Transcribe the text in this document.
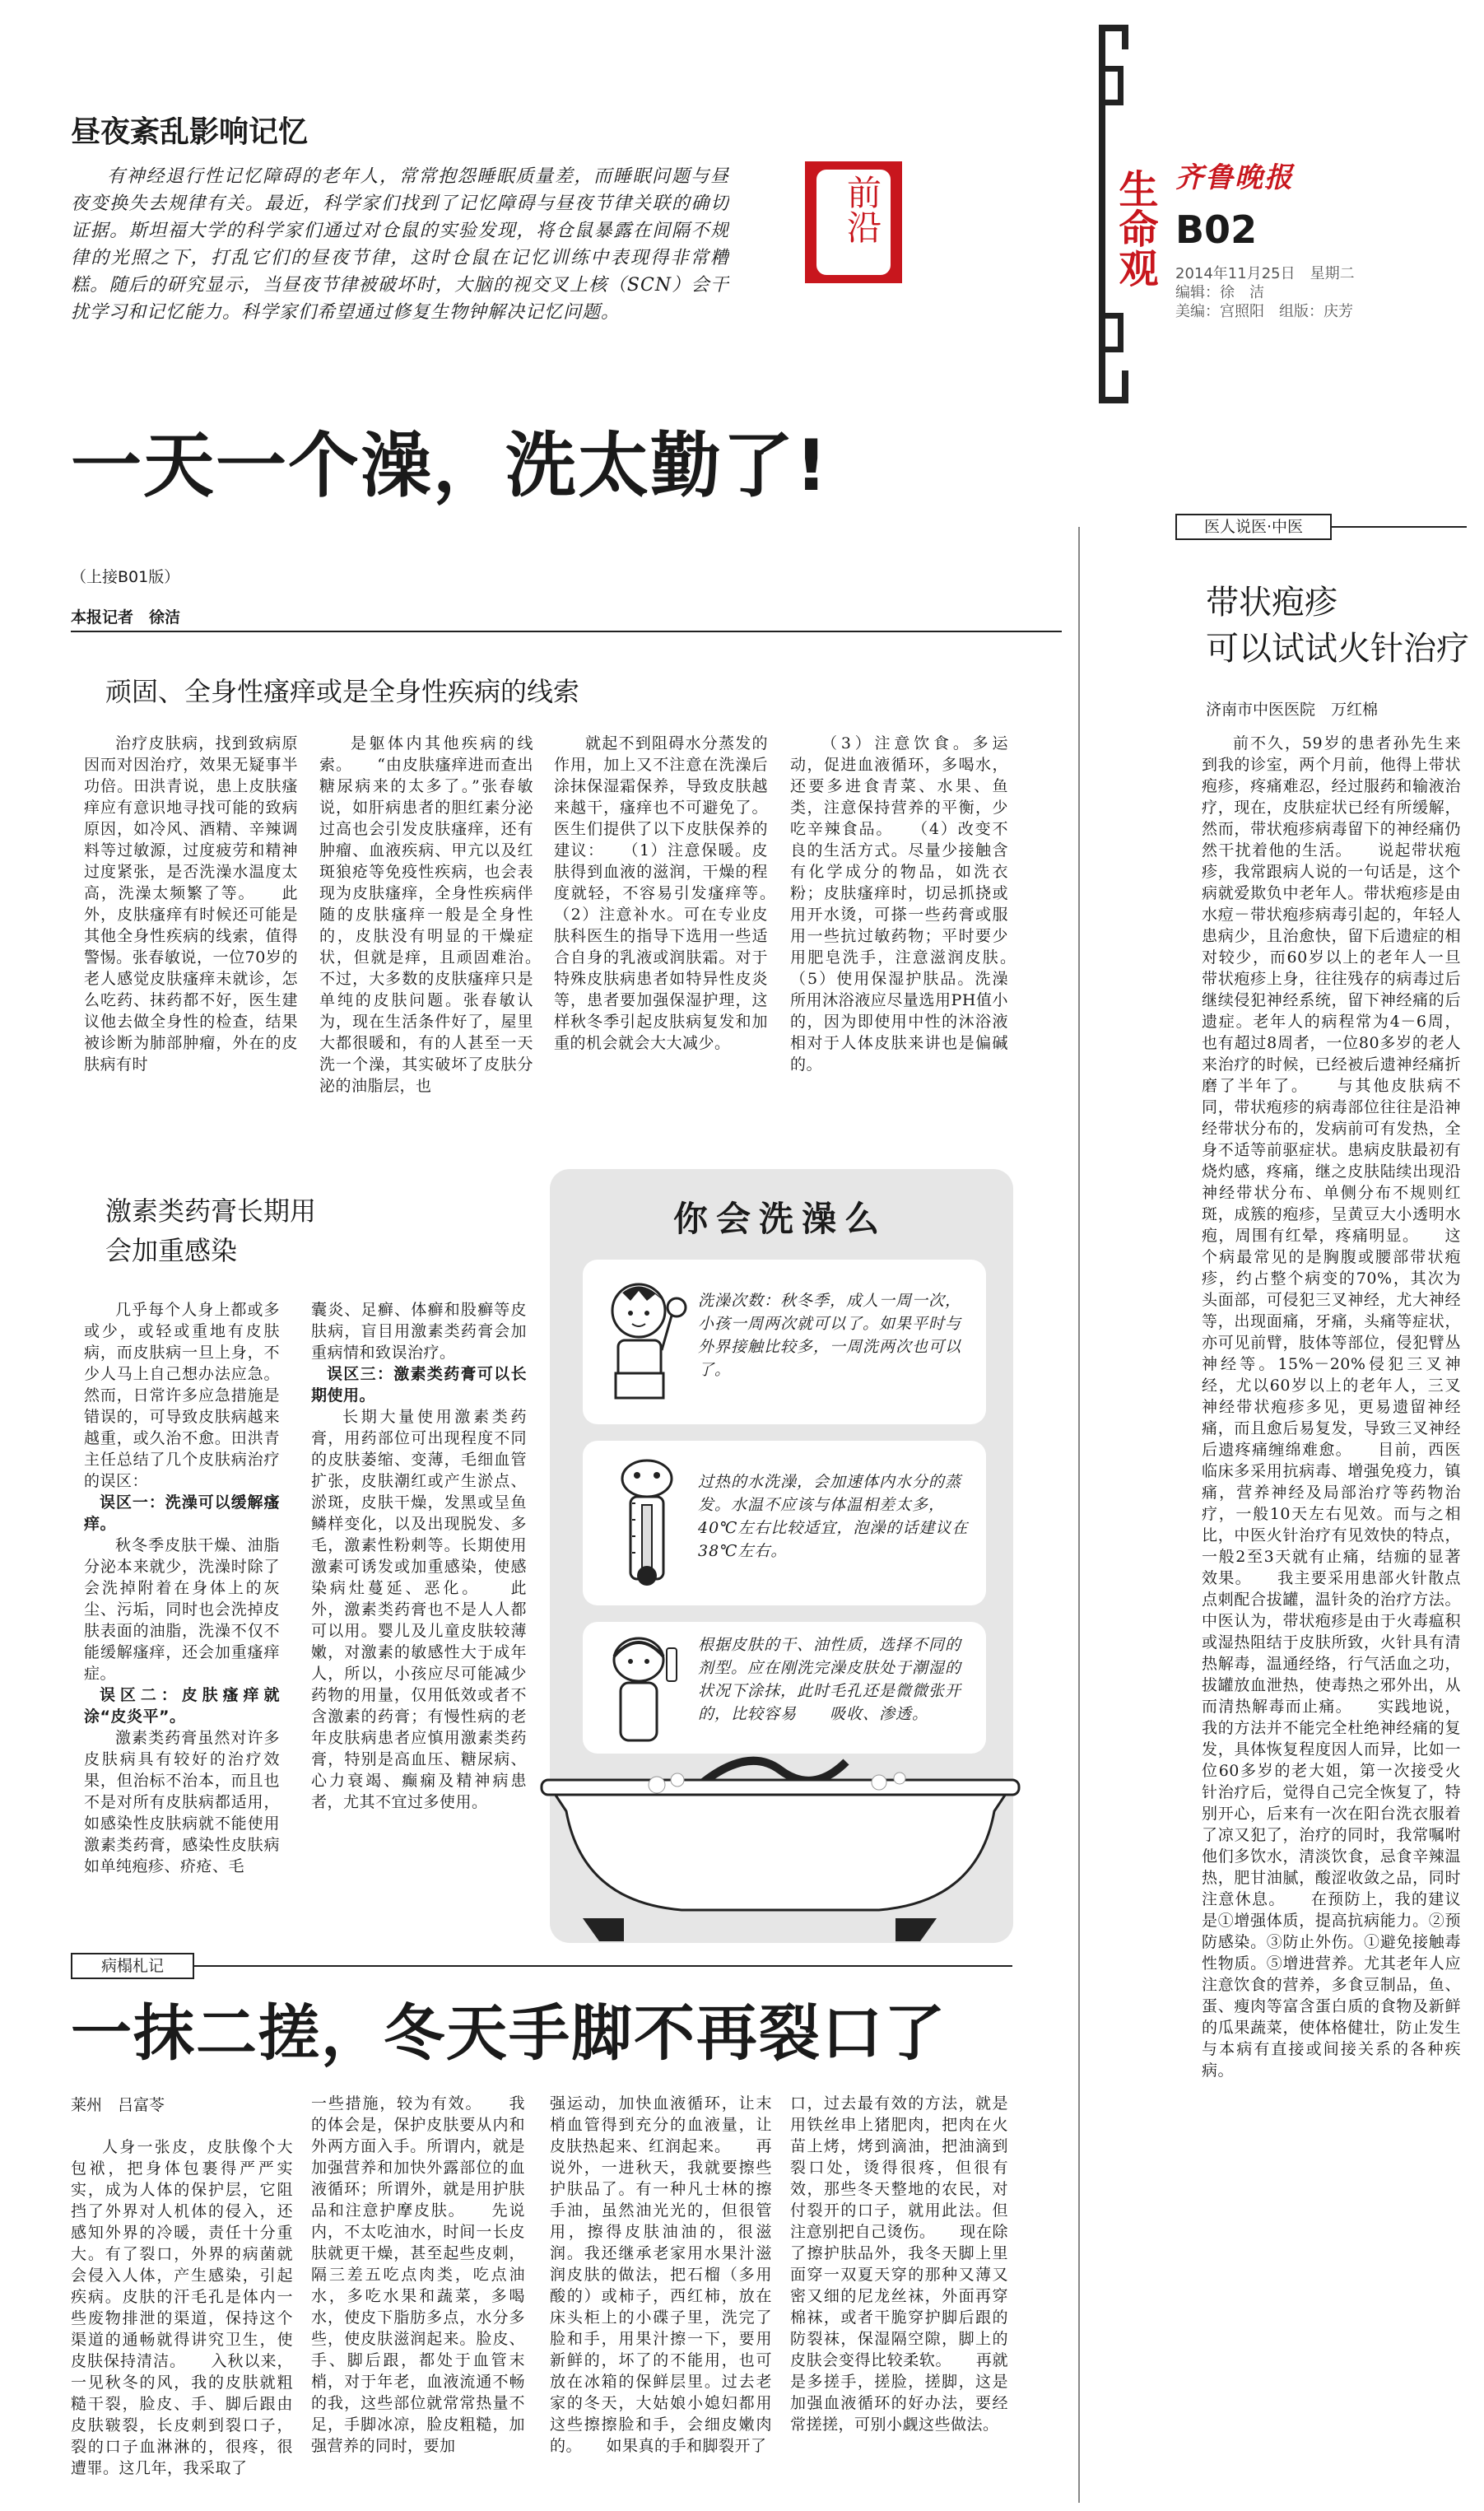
昼夜紊乱影响记忆
有神经退行性记忆障碍的老年人，常常抱怨睡眠质量差，而睡眠问题与昼夜变换失去规律有关。最近，科学家们找到了记忆障碍与昼夜节律关联的确切证据。斯坦福大学的科学家们通过对仓鼠的实验发现，将仓鼠暴露在间隔不规律的光照之下，打乱它们的昼夜节律，这时仓鼠在记忆训练中表现得非常糟糕。随后的研究显示，当昼夜节律被破坏时，大脑的视交叉上核（SCN）会干扰学习和记忆能力。科学家们希望通过修复生物钟解决记忆问题。
前沿	生命观 齐鲁晚报
B02
2014年11月25日　星期二
编辑：徐　洁
美编：宫照阳　组版：庆芳
一天一个澡，洗太勤了!
（上接B01版）
本报记者　徐洁
顽固、全身性瘙痒或是全身性疾病的线索

治疗皮肤病，找到致病原因而对因治疗，效果无疑事半功倍。田洪青说，患上皮肤瘙痒应有意识地寻找可能的致病原因，如冷风、酒精、辛辣调料等过敏源，过度疲劳和精神过度紧张，是否洗澡水温度太高，洗澡太频繁了等。　　此外，皮肤瘙痒有时候还可能是其他全身性疾病的线索，值得警惕。张春敏说，一位70岁的老人感觉皮肤瘙痒未就诊，怎么吃药、抹药都不好，医生建议他去做全身性的检查，结果被诊断为肺部肿瘤，外在的皮肤病有时

是躯体内其他疾病的线索。　　“由皮肤瘙痒进而查出糖尿病来的太多了。”张春敏说，如肝病患者的胆红素分泌过高也会引发皮肤瘙痒，还有肿瘤、血液疾病、甲亢以及红斑狼疮等免疫性疾病，也会表现为皮肤瘙痒，全身性疾病伴随的皮肤瘙痒一般是全身性的，皮肤没有明显的干燥症状，但就是痒，且顽固难治。　　不过，大多数的皮肤瘙痒只是单纯的皮肤问题。张春敏认为，现在生活条件好了，屋里大都很暖和，有的人甚至一天洗一个澡，其实破坏了皮肤分泌的油脂层，也

就起不到阻碍水分蒸发的作用，加上又不注意在洗澡后涂抹保湿霜保养，导致皮肤越来越干，瘙痒也不可避免了。医生们提供了以下皮肤保养的建议：　　（1）注意保暖。皮肤得到血液的滋润，干燥的程度就轻，不容易引发瘙痒等。　　（2）注意补水。可在专业皮肤科医生的指导下选用一些适合自身的乳液或润肤霜。对于特殊皮肤病患者如特异性皮炎等，患者要加强保湿护理，这样秋冬季引起皮肤病复发和加重的机会就会大大减少。

（3）注意饮食。多运动，促进血液循环，多喝水，还要多进食青菜、水果、鱼类，注意保持营养的平衡，少吃辛辣食品。　　（4）改变不良的生活方式。尽量少接触含有化学成分的物品，如洗衣粉；皮肤瘙痒时，切忌抓挠或用开水烫，可搽一些药膏或服用一些抗过敏药物；平时要少用肥皂洗手，注意滋润皮肤。　　（5）使用保湿护肤品。洗澡所用沐浴液应尽量选用PH值小的，因为即使用中性的沐浴液相对于人体皮肤来讲也是偏碱的。

激素类药膏长期用
会加重感染

几乎每个人身上都或多或少，或轻或重地有皮肤病，而皮肤病一旦上身，不少人马上自己想办法应急。然而，日常许多应急措施是错误的，可导致皮肤病越来越重，或久治不愈。田洪青主任总结了几个皮肤病治疗的误区：

误区一：洗澡可以缓解瘙痒。

秋冬季皮肤干燥、油脂分泌本来就少，洗澡时除了会洗掉附着在身体上的灰尘、污垢，同时也会洗掉皮肤表面的油脂，洗澡不仅不能缓解瘙痒，还会加重瘙痒症。

误区二：皮肤瘙痒就涂“皮炎平”。

激素类药膏虽然对许多皮肤病具有较好的治疗效果，但治标不治本，而且也不是对所有皮肤病都适用，如感染性皮肤病就不能使用激素类药膏，感染性皮肤病如单纯疱疹、疥疮、毛

囊炎、足癣、体癣和股癣等皮肤病，盲目用激素类药膏会加重病情和致误治疗。

误区三：激素类药膏可以长期使用。

长期大量使用激素类药膏，用药部位可出现程度不同的皮肤萎缩、变薄，毛细血管扩张，皮肤潮红或产生淤点、淤斑，皮肤干燥，发黑或呈鱼鳞样变化，以及出现脱发、多毛，激素性粉刺等。长期使用激素可诱发或加重感染，使感染病灶蔓延、恶化。　　此外，激素类药膏也不是人人都可以用。婴儿及儿童皮肤较薄嫩，对激素的敏感性大于成年人，所以，小孩应尽可能减少药物的用量，仅用低效或者不含激素的药膏；有慢性病的老年皮肤病患者应慎用激素类药膏，特别是高血压、糖尿病、心力衰竭、癫痫及精神病患者，尤其不宜过多使用。

你会洗澡么
洗澡次数：秋冬季，成人一周一次，小孩一周两次就可以了。如果平时与外界接触比较多，一周洗两次也可以了。
过热的水洗澡，会加速体内水分的蒸发。水温不应该与体温相差太多，40℃左右比较适宜，泡澡的话建议在38℃左右。
根据皮肤的干、油性质，选择不同的剂型。应在刚洗完澡皮肤处于潮湿的状况下涂抹，此时毛孔还是微微张开的，比较容易　　吸收、渗透。
病榻札记
一抹二搓，冬天手脚不再裂口了
莱州　吕富苓

人身一张皮，皮肤像个大包袱，把身体包裹得严严实实，成为人体的保护层，它阻挡了外界对人机体的侵入，还感知外界的冷暖，责任十分重大。有了裂口，外界的病菌就会侵入人体，产生感染，引起疾病。皮肤的汗毛孔是体内一些废物排泄的渠道，保持这个渠道的通畅就得讲究卫生，使皮肤保持清洁。　　入秋以来，一见秋冬的风，我的皮肤就粗糙干裂，脸皮、手、脚后跟由皮肤皲裂，长皮刺到裂口子，裂的口子血淋淋的，很疼，很遭罪。这几年，我采取了

一些措施，较为有效。　　我的体会是，保护皮肤要从内和外两方面入手。所谓内，就是加强营养和加快外露部位的血液循环；所谓外，就是用护肤品和注意护摩皮肤。　　先说内，不太吃油水，时间一长皮肤就更干燥，甚至起些皮刺，隔三差五吃点肉类，吃点油水，多吃水果和蔬菜，多喝水，使皮下脂肪多点，水分多些，使皮肤滋润起来。脸皮、手、脚后跟，都处于血管末梢，对于年老，血液流通不畅的我，这些部位就常常热量不足，手脚冰凉，脸皮粗糙，加强营养的同时，要加

强运动，加快血液循环，让末梢血管得到充分的血液量，让皮肤热起来、红润起来。　　再说外，一进秋天，我就要擦些护肤品了。有一种凡士林的擦手油，虽然油光光的，但很管用，擦得皮肤油油的，很滋润。我还继承老家用水果汁滋润皮肤的做法，把石榴（多用酸的）或柿子，西红柿，放在床头柜上的小碟子里，洗完了脸和手，用果汁擦一下，要用新鲜的，坏了的不能用，也可放在冰箱的保鲜层里。过去老家的冬天，大姑娘小媳妇都用这些擦擦脸和手，会细皮嫩肉的。　　如果真的手和脚裂开了

口，过去最有效的方法，就是用铁丝串上猪肥肉，把肉在火苗上烤，烤到滴油，把油滴到裂口处，烫得很疼，但很有效，那些冬天整地的农民，对付裂开的口子，就用此法。但注意别把自己烫伤。　　现在除了擦护肤品外，我冬天脚上里面穿一双夏天穿的那种又薄又密又细的尼龙丝袜，外面再穿棉袜，或者干脆穿护脚后跟的防裂袜，保湿隔空隙，脚上的皮肤会变得比较柔软。　　再就是多搓手，搓脸，搓脚，这是加强血液循环的好办法，要经常搓搓，可别小觑这些做法。

医人说医·中医
带状疱疹
可以试试火针治疗
济南市中医医院　万红棉

前不久，59岁的患者孙先生来到我的诊室，两个月前，他得上带状疱疹，疼痛难忍，经过服药和输液治疗，现在，皮肤症状已经有所缓解，然而，带状疱疹病毒留下的神经痛仍然干扰着他的生活。　　说起带状疱疹，我常跟病人说的一句话是，这个病就爱欺负中老年人。带状疱疹是由水痘－带状疱疹病毒引起的，年轻人患病少，且治愈快，留下后遗症的相对较少，而60岁以上的老年人一旦带状疱疹上身，往往残存的病毒过后继续侵犯神经系统，留下神经痛的后遗症。老年人的病程常为4－6周，也有超过8周者，一位80多岁的老人来治疗的时候，已经被后遗神经痛折磨了半年了。　　与其他皮肤病不同，带状疱疹的病毒部位往往是沿神经带状分布的，发病前可有发热，全身不适等前驱症状。患病皮肤最初有烧灼感，疼痛，继之皮肤陆续出现沿神经带状分布、单侧分布不规则红斑，成簇的疱疹，呈黄豆大小透明水疱，周围有红晕，疼痛明显。　　这个病最常见的是胸腹或腰部带状疱疹，约占整个病变的70%，其次为头面部，可侵犯三叉神经，尤大神经等，出现面痛，牙痛，头痛等症状，亦可见前臂，肢体等部位，侵犯臂丛神经等。15%－20%侵犯三叉神经，尤以60岁以上的老年人，三叉神经带状疱疹多见，更易遗留神经痛，而且愈后易复发，导致三叉神经后遗疼痛缠绵难愈。　　目前，西医临床多采用抗病毒、增强免疫力，镇痛，营养神经及局部治疗等药物治疗，一般10天左右见效。而与之相比，中医火针治疗有见效快的特点，一般2至3天就有止痛，结痂的显著效果。　　我主要采用患部火针散点点刺配合拔罐，温针灸的治疗方法。中医认为，带状疱疹是由于火毒瘟积或湿热阻结于皮肤所致，火针具有清热解毒，温通经络，行气活血之功，拔罐放血泄热，使毒热之邪外出，从而清热解毒而止痛。　　实践地说，我的方法并不能完全杜绝神经痛的复发，具体恢复程度因人而异，比如一位60多岁的老大姐，第一次接受火针治疗后，觉得自己完全恢复了，特别开心，后来有一次在阳台洗衣服着了凉又犯了，治疗的同时，我常嘱咐他们多饮水，清淡饮食，忌食辛辣温热，肥甘油腻，酸涩收敛之品，同时注意休息。　　在预防上，我的建议是①增强体质，提高抗病能力。②预防感染。③防止外伤。①避免接触毒性物质。⑤增进营养。尤其老年人应注意饮食的营养，多食豆制品，鱼、蛋、瘦肉等富含蛋白质的食物及新鲜的瓜果蔬菜，使体格健壮，防止发生与本病有直接或间接关系的各种疾病。
